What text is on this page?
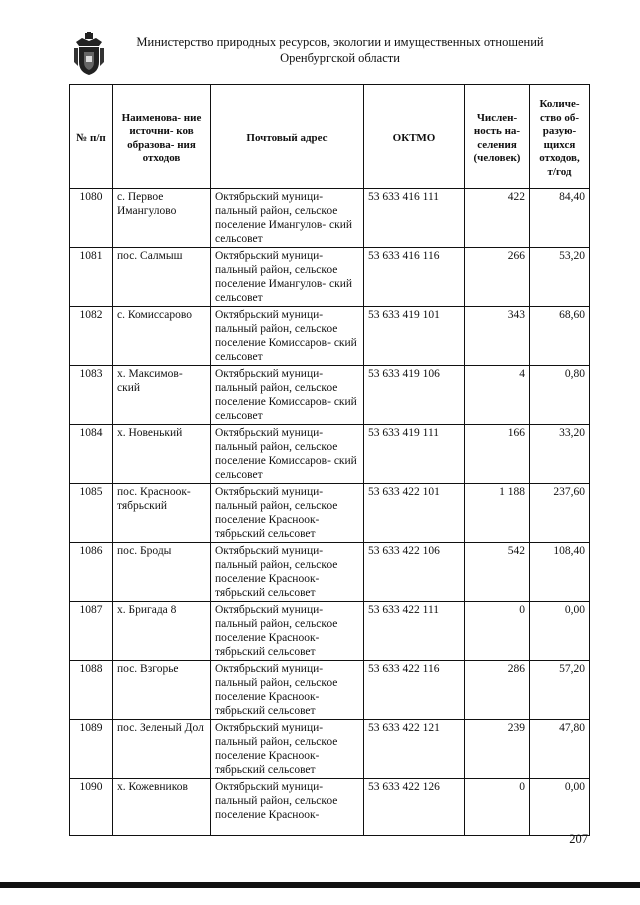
Министерство природных ресурсов, экологии и имущественных отношений
Оренбургской области
№ п/п	Наименова- ние источни- ков образова- ния отходов	Почтовый адрес	ОКТМО	Числен- ность на- селения (человек)	Количе- ство об- разую- щихся отходов, т/год
1080	с. Первое Имангулово	Октябрьский муници- пальный район, сельское поселение Имангулов- ский сельсовет	53 633 416 111	422	84,40
1081	пос. Салмыш	Октябрьский муници- пальный район, сельское поселение Имангулов- ский сельсовет	53 633 416 116	266	53,20
1082	с. Комиссарово	Октябрьский муници- пальный район, сельское поселение Комиссаров- ский сельсовет	53 633 419 101	343	68,60
1083	х. Максимов- ский	Октябрьский муници- пальный район, сельское поселение Комиссаров- ский сельсовет	53 633 419 106	4	0,80
1084	х. Новенький	Октябрьский муници- пальный район, сельское поселение Комиссаров- ский сельсовет	53 633 419 111	166	33,20
1085	пос. Красноок- тябрьский	Октябрьский муници- пальный район, сельское поселение Красноок- тябрьский сельсовет	53 633 422 101	1 188	237,60
1086	пос. Броды	Октябрьский муници- пальный район, сельское поселение Красноок- тябрьский сельсовет	53 633 422 106	542	108,40
1087	х. Бригада 8	Октябрьский муници- пальный район, сельское поселение Красноок- тябрьский сельсовет	53 633 422 111	0	0,00
1088	пос. Взгорье	Октябрьский муници- пальный район, сельское поселение Красноок- тябрьский сельсовет	53 633 422 116	286	57,20
1089	пос. Зеленый Дол	Октябрьский муници- пальный район, сельское поселение Красноок- тябрьский сельсовет	53 633 422 121	239	47,80
1090	х. Кожевников	Октябрьский муници- пальный район, сельское поселение Красноок-	53 633 422 126	0	0,00
207
